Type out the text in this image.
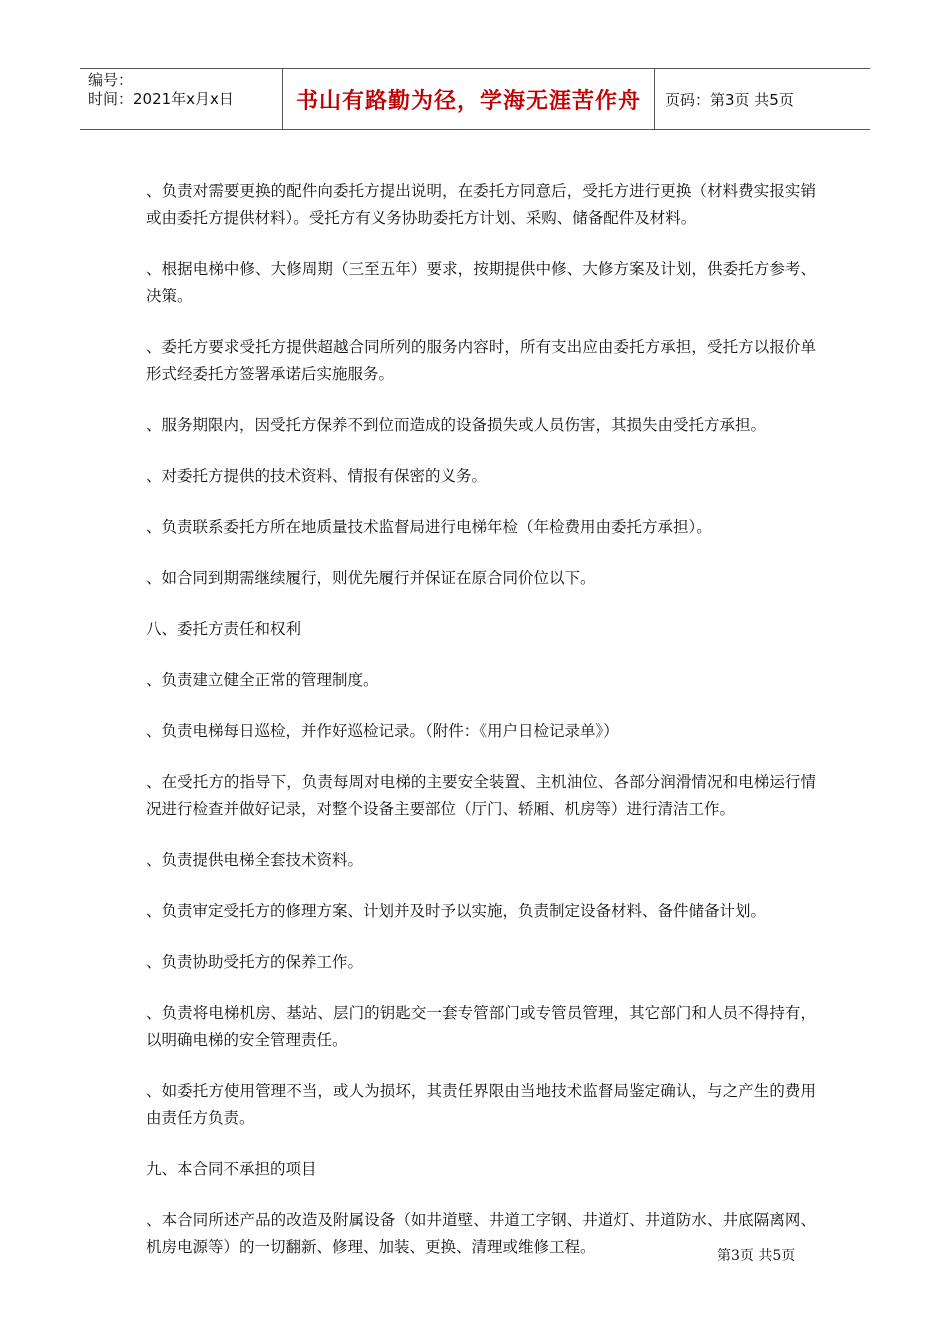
编号：
时间：2021年x月x日	书山有路勤为径，学海无涯苦作舟	页码：第3页 共5页

、负责对需要更换的配件向委托方提出说明，在委托方同意后，受托方进行更换（材料费实报实销或由委托方提供材料）。受托方有义务协助委托方计划、采购、储备配件及材料。

、根据电梯中修、大修周期（三至五年）要求，按期提供中修、大修方案及计划，供委托方参考、决策。

、委托方要求受托方提供超越合同所列的服务内容时，所有支出应由委托方承担，受托方以报价单形式经委托方签署承诺后实施服务。

、服务期限内，因受托方保养不到位而造成的设备损失或人员伤害，其损失由受托方承担。

、对委托方提供的技术资料、情报有保密的义务。

、负责联系委托方所在地质量技术监督局进行电梯年检（年检费用由委托方承担）。

、如合同到期需继续履行，则优先履行并保证在原合同价位以下。

八、委托方责任和权利

、负责建立健全正常的管理制度。

、负责电梯每日巡检，并作好巡检记录。（附件：《用户日检记录单》）

、在受托方的指导下，负责每周对电梯的主要安全装置、主机油位、各部分润滑情况和电梯运行情况进行检查并做好记录，对整个设备主要部位（厅门、轿厢、机房等）进行清洁工作。

、负责提供电梯全套技术资料。

、负责审定受托方的修理方案、计划并及时予以实施，负责制定设备材料、备件储备计划。

、负责协助受托方的保养工作。

、负责将电梯机房、基站、层门的钥匙交一套专管部门或专管员管理，其它部门和人员不得持有，以明确电梯的安全管理责任。

、如委托方使用管理不当，或人为损坏，其责任界限由当地技术监督局鉴定确认，与之产生的费用由责任方负责。

九、本合同不承担的项目

、本合同所述产品的改造及附属设备（如井道壁、井道工字钢、井道灯、井道防水、井底隔离网、机房电源等）的一切翻新、修理、加装、更换、清理或维修工程。	第3页 共5页
